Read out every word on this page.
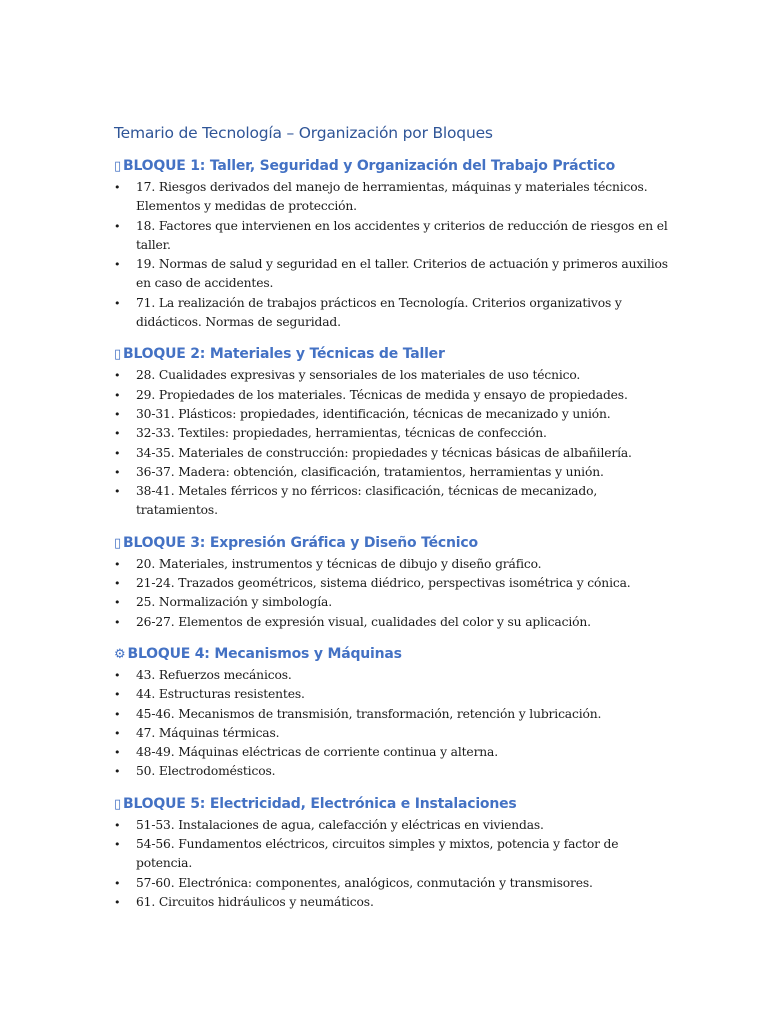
Temario de Tecnología – Organización por Bloques
▯ BLOQUE 1: Taller, Seguridad y Organización del Trabajo Práctico
• 17. Riesgos derivados del manejo de herramientas, máquinas y materiales técnicos. Elementos y medidas de protección.
• 18. Factores que intervienen en los accidentes y criterios de reducción de riesgos en el taller.
• 19. Normas de salud y seguridad en el taller. Criterios de actuación y primeros auxilios en caso de accidentes.
• 71. La realización de trabajos prácticos en Tecnología. Criterios organizativos y didácticos. Normas de seguridad.
▯ BLOQUE 2: Materiales y Técnicas de Taller
• 28. Cualidades expresivas y sensoriales de los materiales de uso técnico.
• 29. Propiedades de los materiales. Técnicas de medida y ensayo de propiedades.
• 30-31. Plásticos: propiedades, identificación, técnicas de mecanizado y unión.
• 32-33. Textiles: propiedades, herramientas, técnicas de confección.
• 34-35. Materiales de construcción: propiedades y técnicas básicas de albañilería.
• 36-37. Madera: obtención, clasificación, tratamientos, herramientas y unión.
• 38-41. Metales férricos y no férricos: clasificación, técnicas de mecanizado, tratamientos.
▯ BLOQUE 3: Expresión Gráfica y Diseño Técnico
• 20. Materiales, instrumentos y técnicas de dibujo y diseño gráfico.
• 21-24. Trazados geométricos, sistema diédrico, perspectivas isométrica y cónica.
• 25. Normalización y simbología.
• 26-27. Elementos de expresión visual, cualidades del color y su aplicación.
⚙ BLOQUE 4: Mecanismos y Máquinas
• 43. Refuerzos mecánicos.
• 44. Estructuras resistentes.
• 45-46. Mecanismos de transmisión, transformación, retención y lubricación.
• 47. Máquinas térmicas.
• 48-49. Máquinas eléctricas de corriente continua y alterna.
• 50. Electrodomésticos.
▯ BLOQUE 5: Electricidad, Electrónica e Instalaciones
• 51-53. Instalaciones de agua, calefacción y eléctricas en viviendas.
• 54-56. Fundamentos eléctricos, circuitos simples y mixtos, potencia y factor de potencia.
• 57-60. Electrónica: componentes, analógicos, conmutación y transmisores.
• 61. Circuitos hidráulicos y neumáticos.
